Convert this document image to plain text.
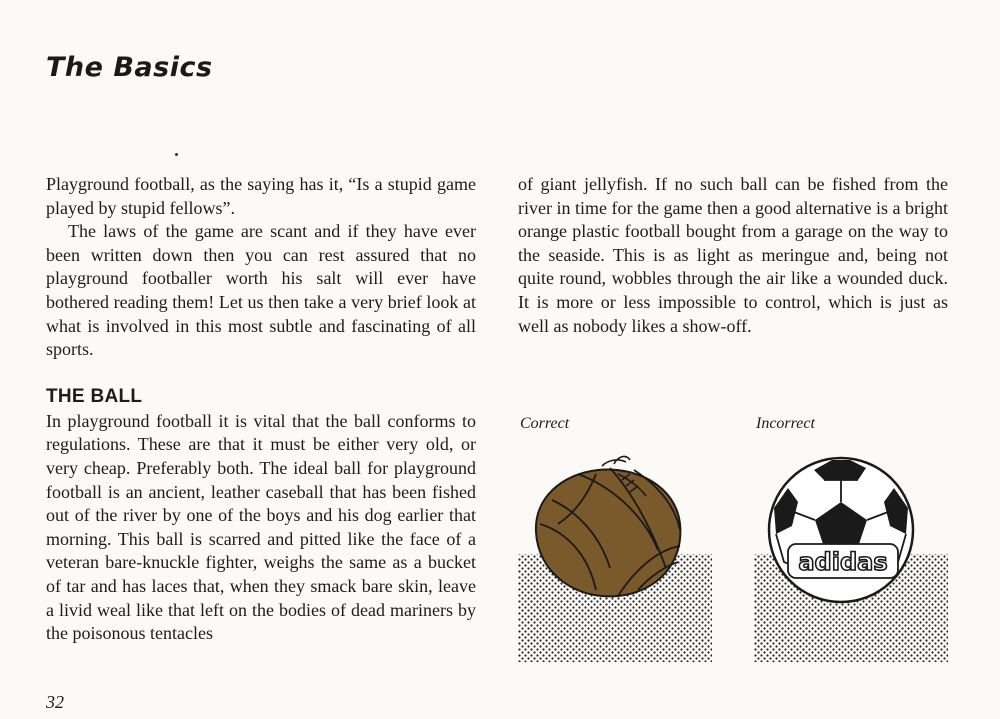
The Basics

Playground football, as the saying has it, “Is a stupid game played by stupid fellows”.

The laws of the game are scant and if they have ever been written down then you can rest assured that no playground footballer worth his salt will ever have bothered reading them! Let us then take a very brief look at what is involved in this most subtle and fascinating of all sports.

THE BALL

In playground football it is vital that the ball conforms to regulations. These are that it must be either very old, or very cheap. Preferably both. The ideal ball for playground football is an ancient, leather caseball that has been fished out of the river by one of the boys and his dog earlier that morning. This ball is scarred and pitted like the face of a veteran bare-knuckle fighter, weighs the same as a bucket of tar and has laces that, when they smack bare skin, leave a livid weal like that left on the bodies of dead mariners by the poisonous tentacles

of giant jellyfish. If no such ball can be fished from the river in time for the game then a good alternative is a bright orange plastic football bought from a garage on the way to the seaside. This is as light as meringue and, being not quite round, wobbles through the air like a wounded duck. It is more or less impossible to control, which is just as well as nobody likes a show-off.

Correct	Incorrect
adidas
32
